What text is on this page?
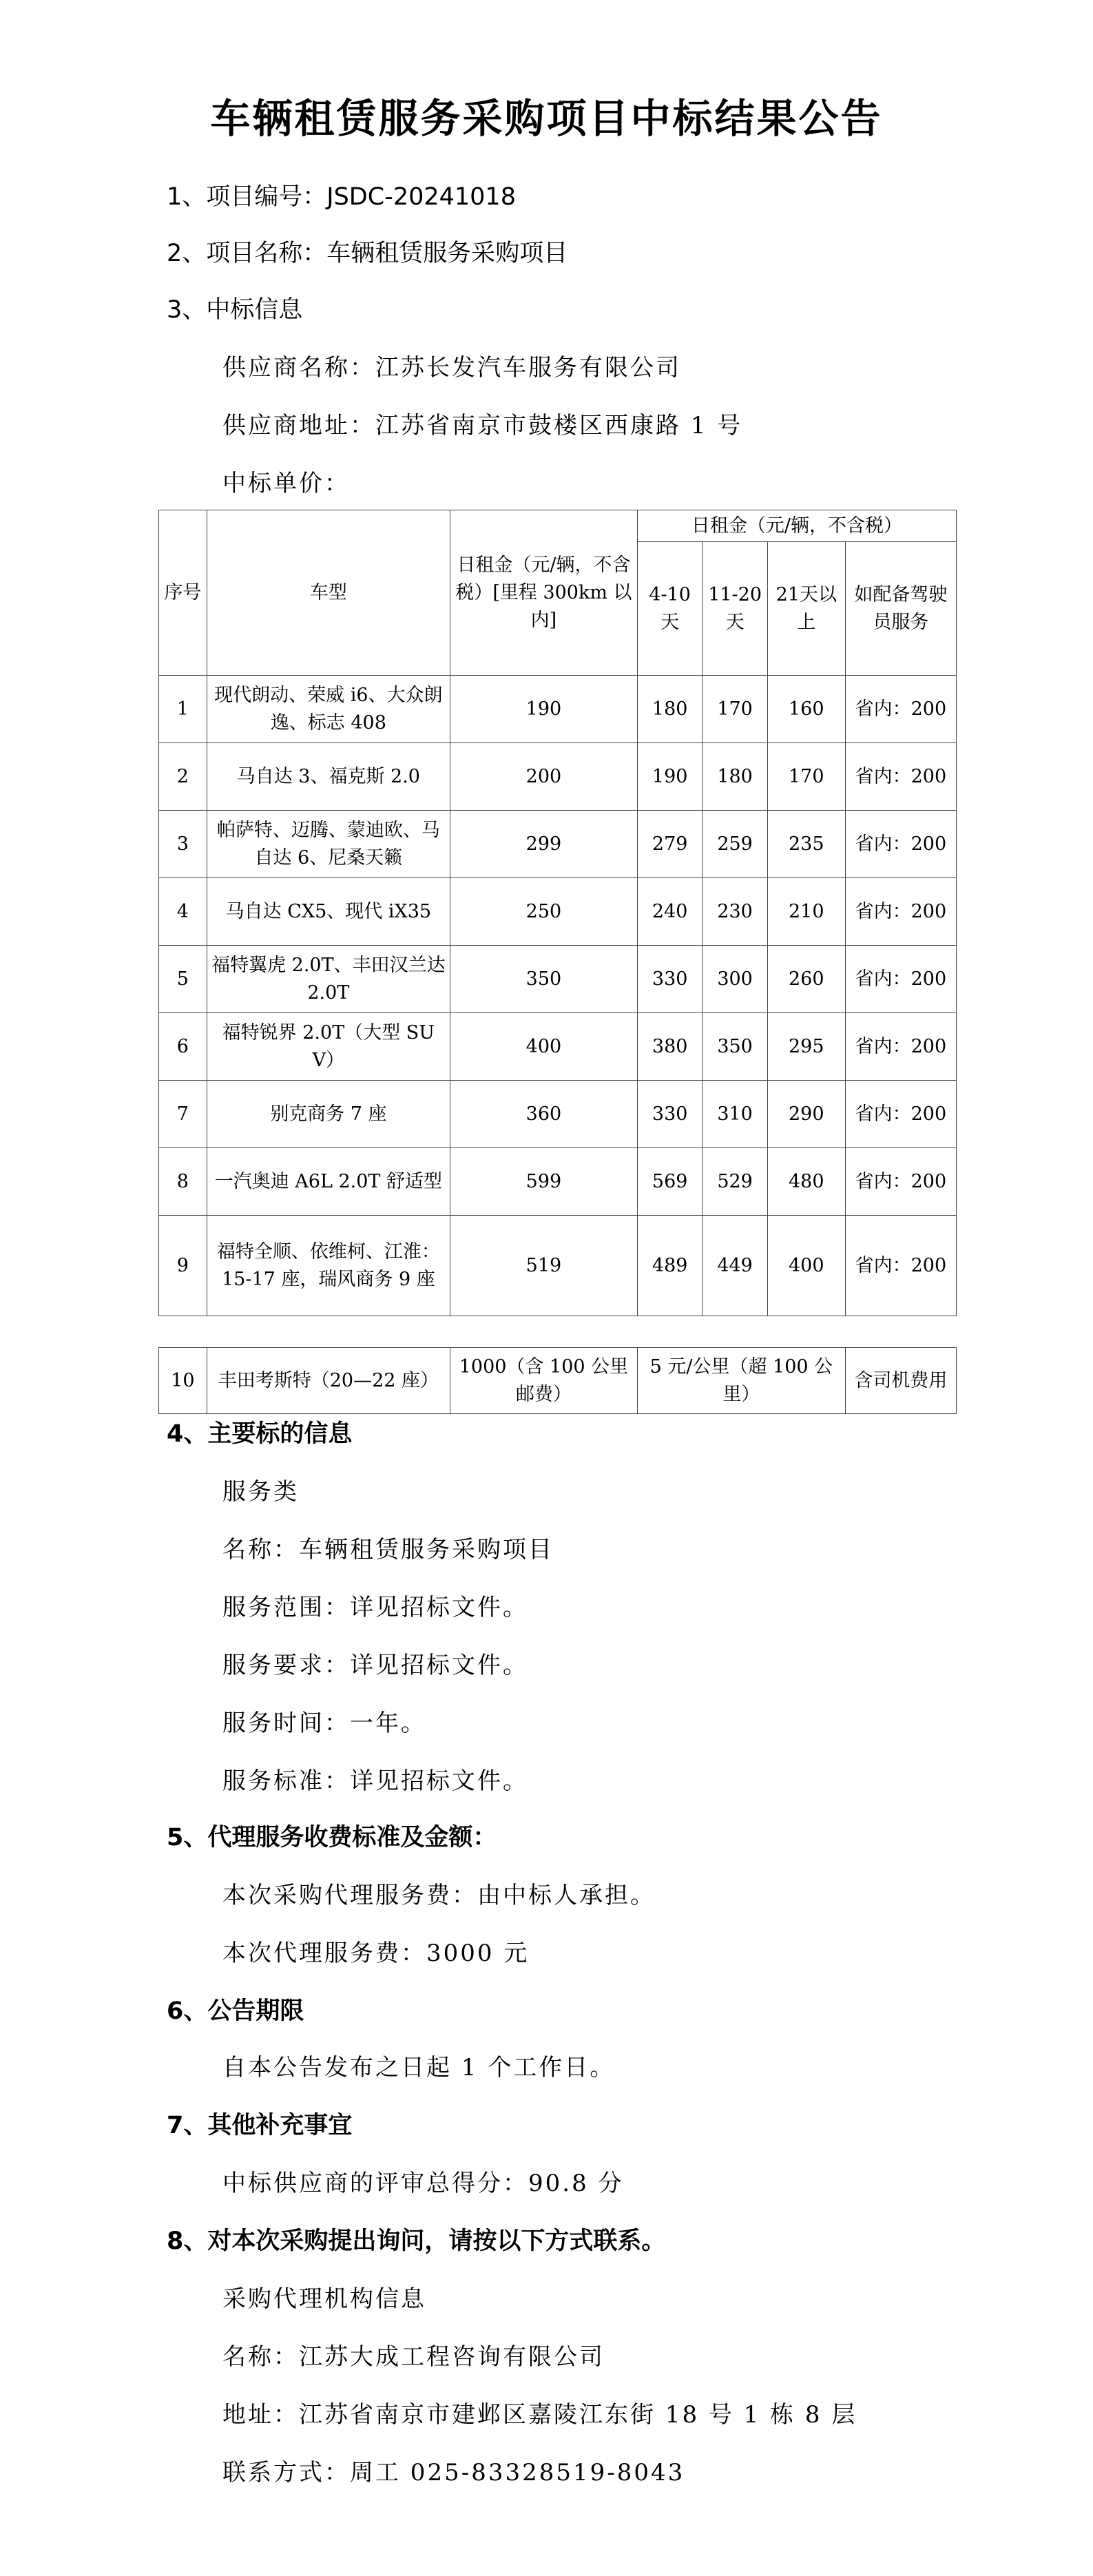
车辆租赁服务采购项目中标结果公告
1、项目编号：JSDC-20241018
2、项目名称：车辆租赁服务采购项目
3、中标信息
供应商名称：江苏长发汽车服务有限公司
供应商地址：江苏省南京市鼓楼区西康路 1 号
中标单价：
序号	车型	日租金（元/辆，不含税）[里程 300km 以内]	日租金（元/辆，不含税）			
			4-10天	11-20天	21天以上	如配备驾驶员服务
1	现代朗动、荣威 i6、大众朗逸、标志 408	190	180	170	160	省内：200
2	马自达 3、福克斯 2.0	200	190	180	170	省内：200
3	帕萨特、迈腾、蒙迪欧、马自达 6、尼桑天籁	299	279	259	235	省内：200
4	马自达 CX5、现代 iX35	250	240	230	210	省内：200
5	福特翼虎 2.0T、丰田汉兰达 2.0T	350	330	300	260	省内：200
6	福特锐界 2.0T（大型 SUV）	400	380	350	295	省内：200
7	别克商务 7 座	360	330	310	290	省内：200
8	一汽奥迪 A6L 2.0T 舒适型	599	569	529	480	省内：200
9	福特全顺、依维柯、江淮：15-17 座，瑞风商务 9 座	519	489	449	400	省内：200
10	丰田考斯特（20—22 座）	1000（含 100 公里邮费）	5 元/公里（超 100 公里）	含司机费用
4、主要标的信息
服务类
名称：车辆租赁服务采购项目
服务范围：详见招标文件。
服务要求：详见招标文件。
服务时间：一年。
服务标准：详见招标文件。
5、代理服务收费标准及金额：
本次采购代理服务费：由中标人承担。
本次代理服务费：3000 元
6、公告期限
自本公告发布之日起 1 个工作日。
7、其他补充事宜
中标供应商的评审总得分：90.8 分
8、对本次采购提出询问，请按以下方式联系。
采购代理机构信息
名称：江苏大成工程咨询有限公司
地址：江苏省南京市建邺区嘉陵江东街 18 号 1 栋 8 层
联系方式：周工 025-83328519-8043
